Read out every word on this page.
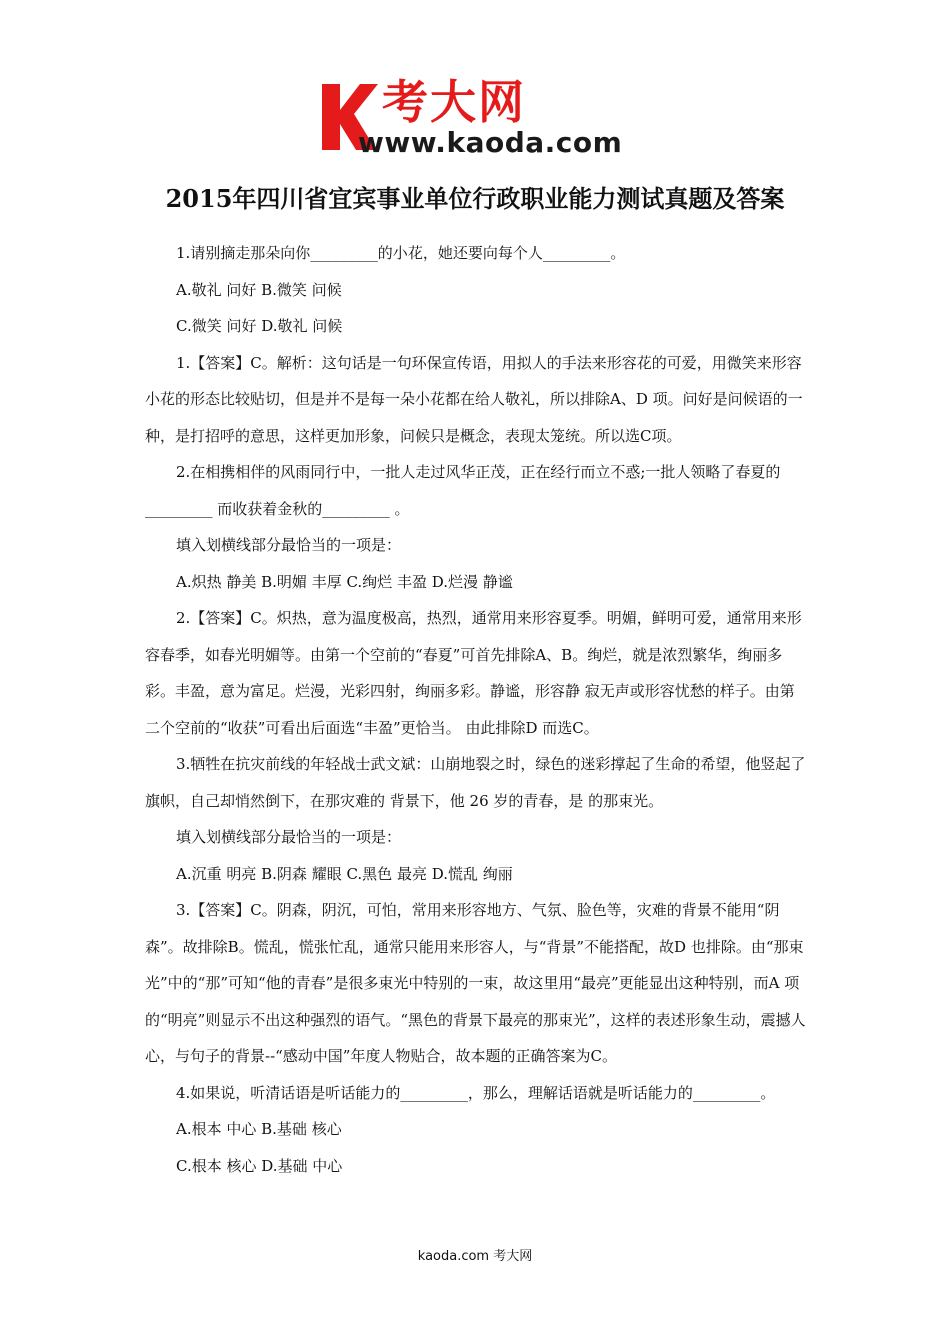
考大网
www.kaoda.com
2015年四川省宜宾事业单位行政职业能力测试真题及答案

1.请别摘走那朵向你_________的小花，她还要向每个人_________。

A.敬礼 问好 B.微笑 问候

C.微笑 问好 D.敬礼 问候

1.【答案】C。解析：这句话是一句环保宣传语，用拟人的手法来形容花的可爱，用微笑来形容小花的形态比较贴切，但是并不是每一朵小花都在给人敬礼，所以排除A、D 项。问好是问候语的一种，是打招呼的意思，这样更加形象，问候只是概念，表现太笼统。所以选C项。

2.在相携相伴的风雨同行中，一批人走过风华正茂，正在经行而立不惑;一批人领略了春夏的_________ 而收获着金秋的_________ 。

填入划横线部分最恰当的一项是：

A.炽热 静美 B.明媚 丰厚 C.绚烂 丰盈 D.烂漫 静谧

2.【答案】C。炽热，意为温度极高，热烈，通常用来形容夏季。明媚，鲜明可爱，通常用来形容春季，如春光明媚等。由第一个空前的“春夏”可首先排除A、B。绚烂，就是浓烈繁华，绚丽多彩。丰盈，意为富足。烂漫，光彩四射，绚丽多彩。静谧，形容静 寂无声或形容忧愁的样子。由第二个空前的“收获”可看出后面选“丰盈”更恰当。 由此排除D 而选C。

3.牺牲在抗灾前线的年轻战士武文斌：山崩地裂之时，绿色的迷彩撑起了生命的希望，他竖起了旗帜，自己却悄然倒下，在那灾难的 背景下，他 26 岁的青春，是 的那束光。

填入划横线部分最恰当的一项是：

A.沉重 明亮 B.阴森 耀眼 C.黑色 最亮 D.慌乱 绚丽

3.【答案】C。阴森，阴沉，可怕，常用来形容地方、气氛、脸色等，灾难的背景不能用“阴森”。故排除B。慌乱，慌张忙乱，通常只能用来形容人，与“背景”不能搭配，故D 也排除。由“那束光”中的“那”可知“他的青春”是很多束光中特别的一束，故这里用“最亮”更能显出这种特别，而A 项的“明亮”则显示不出这种强烈的语气。“黑色的背景下最亮的那束光”，这样的表述形象生动，震撼人心，与句子的背景--“感动中国”年度人物贴合，故本题的正确答案为C。

4.如果说，听清话语是听话能力的_________，那么，理解话语就是听话能力的_________。

A.根本 中心 B.基础 核心

C.根本 核心 D.基础 中心

kaoda.com 考大网
